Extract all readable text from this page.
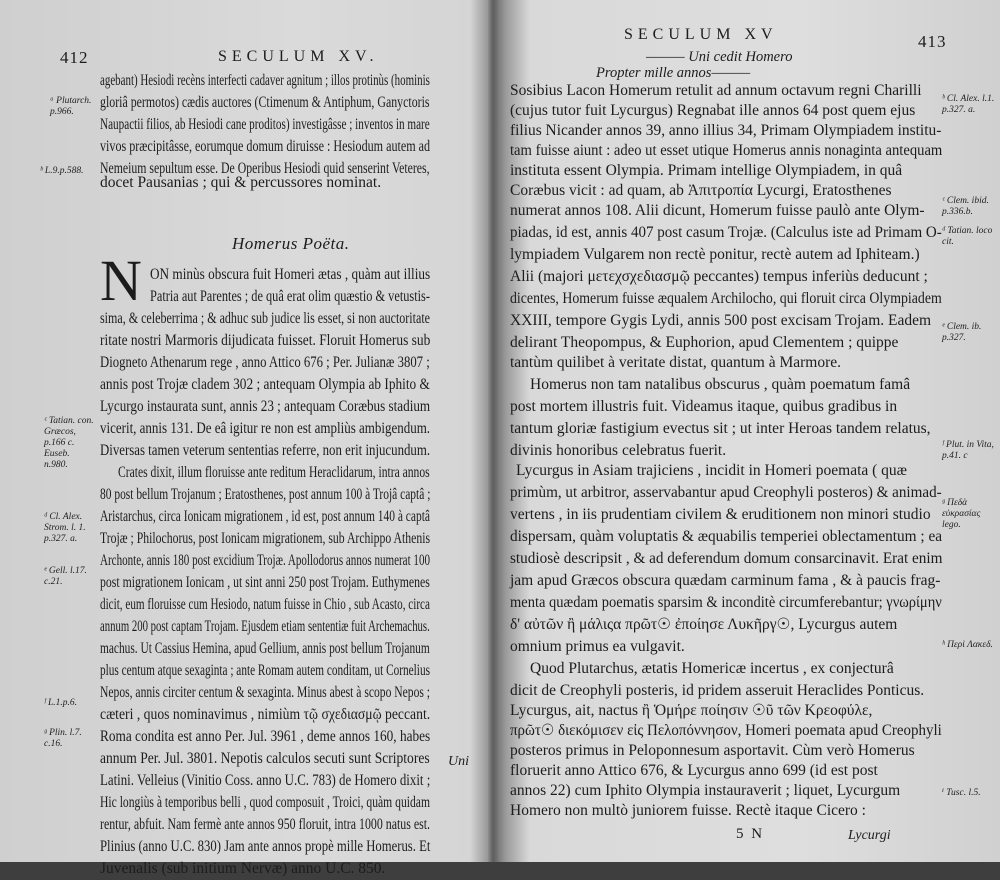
412	SECULUM XV.
agebant) Hesiodi recèns interfecti cadaver agnitum ; illos protinùs (hominis
gloriâ permotos) cædis auctores (Ctimenum & Antiphum, Ganyctoris
Naupactii filios, ab Hesiodi cane proditos) investigâsse ; inventos in mare
vivos præcipitâsse, eorumque domum diruisse : Hesiodum autem ad
Nemeium sepultum esse. De Operibus Hesiodi quid senserint Veteres,
docet Pausanias ; qui & percussores nominat.
Homerus Poëta.
N ON minùs obscura fuit Homeri ætas , quàm aut illius
Patria aut Parentes ; de quâ erat olim quæstio & vetustis-
sima, & celeberrima ; & adhuc sub judice lis esset, si non auctoritate
ritate nostri Marmoris dijudicata fuisset. Floruit Homerus sub
Diogneto Athenarum rege , anno Attico 676 ; Per. Julianæ 3807 ;
annis post Trojæ cladem 302 ; antequam Olympia ab Iphito &
Lycurgo instaurata sunt, annis 23 ; antequam Coræbus stadium
vicerit, annis 131. De eâ igitur re non est ampliùs ambigendum.
Diversas tamen veterum sententias referre, non erit injucundum.
Crates dixit, illum floruisse ante reditum Heraclidarum, intra annos
80 post bellum Trojanum ; Eratosthenes, post annum 100 à Trojâ captâ ;
Aristarchus, circa Ionicam migrationem , id est, post annum 140 à captâ
Trojæ ; Philochorus, post Ionicam migrationem, sub Archippo Athenis
Archonte, annis 180 post excidium Trojæ. Apollodorus annos numerat 100
post migrationem Ionicam , ut sint anni 250 post Trojam. Euthymenes
dicit, eum floruisse cum Hesiodo, natum fuisse in Chio , sub Acasto, circa
annum 200 post captam Trojam. Ejusdem etiam sententiæ fuit Archemachus.
machus. Ut Cassius Hemina, apud Gellium, annis post bellum Trojanum
plus centum atque sexaginta ; ante Romam autem conditam, ut Cornelius
Nepos, annis circiter centum & sexaginta. Minus abest à scopo Nepos ;
cæteri , quos nominavimus , nimiùm τῷ σχεδιασμῷ peccant.
Roma condita est anno Per. Jul. 3961 , deme annos 160, habes
annum Per. Jul. 3801. Nepotis calculos secuti sunt Scriptores
Latini. Velleius (Vinitio Coss. anno U.C. 783) de Homero dixit ;
Hic longiùs à temporibus belli , quod composuit , Troici, quàm quidam
rentur, abfuit. Nam fermè ante annos 950 floruit, intra 1000 natus est.
Plinius (anno U.C. 830) Jam ante annos propè mille Homerus. Et
Juvenalis (sub initium Nervæ) anno U.C. 850.
Uni
ᵃ Plutarch. p.966.
ᵇ L.9.p.588.
ᶜ Tatian. con. Græcos, p.166 c. Euseb. n.980.
ᵈ Cl. Alex. Strom. l. 1. p.327. a.
ᵉ Gell. l.17. c.21.
ᶠ L.1.p.6.
ᵍ Plin. l.7. c.16.
SECULUM XV	413
——— Uni cedit Homero
Propter mille annos———
Sosibius Lacon Homerum retulit ad annum octavum regni Charilli
(cujus tutor fuit Lycurgus) Regnabat ille annos 64 post quem ejus
filius Nicander annos 39, anno illius 34, Primam Olympiadem institu-
tam fuisse aiunt : adeo ut esset utique Homerus annis nonaginta antequam
instituta essent Olympia. Primam intellige Olympiadem, in quâ
Coræbus vicit : ad quam, ab Ἀπιτροπία Lycurgi, Eratosthenes
numerat annos 108. Alii dicunt, Homerum fuisse paulò ante Olym-
piadas, id est, annis 407 post casum Trojæ. (Calculus iste ad Primam O-
lympiadem Vulgarem non rectè ponitur, rectè autem ad Iphiteam.)
Alii (majori μετεχσχεδιασμῷ peccantes) tempus inferiùs deducunt ;
dicentes, Homerum fuisse æqualem Archilocho, qui floruit circa Olympiadem
XXIII, tempore Gygis Lydi, annis 500 post excisam Trojam. Eadem
delirant Theopompus, & Euphorion, apud Clementem ; quippe
tantùm quilibet à veritate distat, quantum à Marmore.
Homerus non tam natalibus obscurus , quàm poematum famâ
post mortem illustris fuit. Videamus itaque, quibus gradibus in
tantum gloriæ fastigium evectus sit ; ut inter Heroas tandem relatus,
divinis honoribus celebratus fuerit.
Lycurgus in Asiam trajiciens , incidit in Homeri poemata ( quæ
primùm, ut arbitror, asservabantur apud Creophyli posteros) & animad-
vertens , in iis prudentiam civilem & eruditionem non minori studio
dispersam, quàm voluptatis & æquabilis temperiei oblectamentum ; ea
studiosè descripsit , & ad deferendum domum consarcinavit. Erat enim
jam apud Græcos obscura quædam carminum fama , & à paucis frag-
menta quædam poematis sparsim & inconditè circumferebantur; γνωρίμην
δ' αὐτῶν ἢ μάλιςα πρῶτ☉ ἐποίησε Λυκῆργ☉, Lycurgus autem
omnium primus ea vulgavit.
Quod Plutarchus, ætatis Homericæ incertus , ex conjecturâ
dicit de Creophyli posteris, id pridem asseruit Heraclides Ponticus.
Lycurgus, ait, nactus ἢ Ὁμήρε ποίησιν ☉ῦ τῶν Κρεοφύλε,
πρῶτ☉ διεκόμισεν εἰς Πελοπόννησον, Homeri poemata apud Creophyli
posteros primus in Peloponnesum asportavit. Cùm verò Homerus
floruerit anno Attico 676, & Lycurgus anno 699 (id est post
annos 22) cum Iphito Olympia instauraverit ; liquet, Lycurgum
Homero non multò juniorem fuisse. Rectè itaque Cicero :
5 N	Lycurgi
ᵇ Cl. Alex. l.1. p.327. a.
ᶜ Clem. ibid. p.336.b.
ᵈ Tatian. loco cit.
ᵉ Clem. ib. p.327.
ᶠ Plut. in Vita, p.41. c
ᵍ Πεδὰ εὐκρασίας lego.
ʰ Περὶ Λακεδ.
ⁱ Tusc. l.5.
